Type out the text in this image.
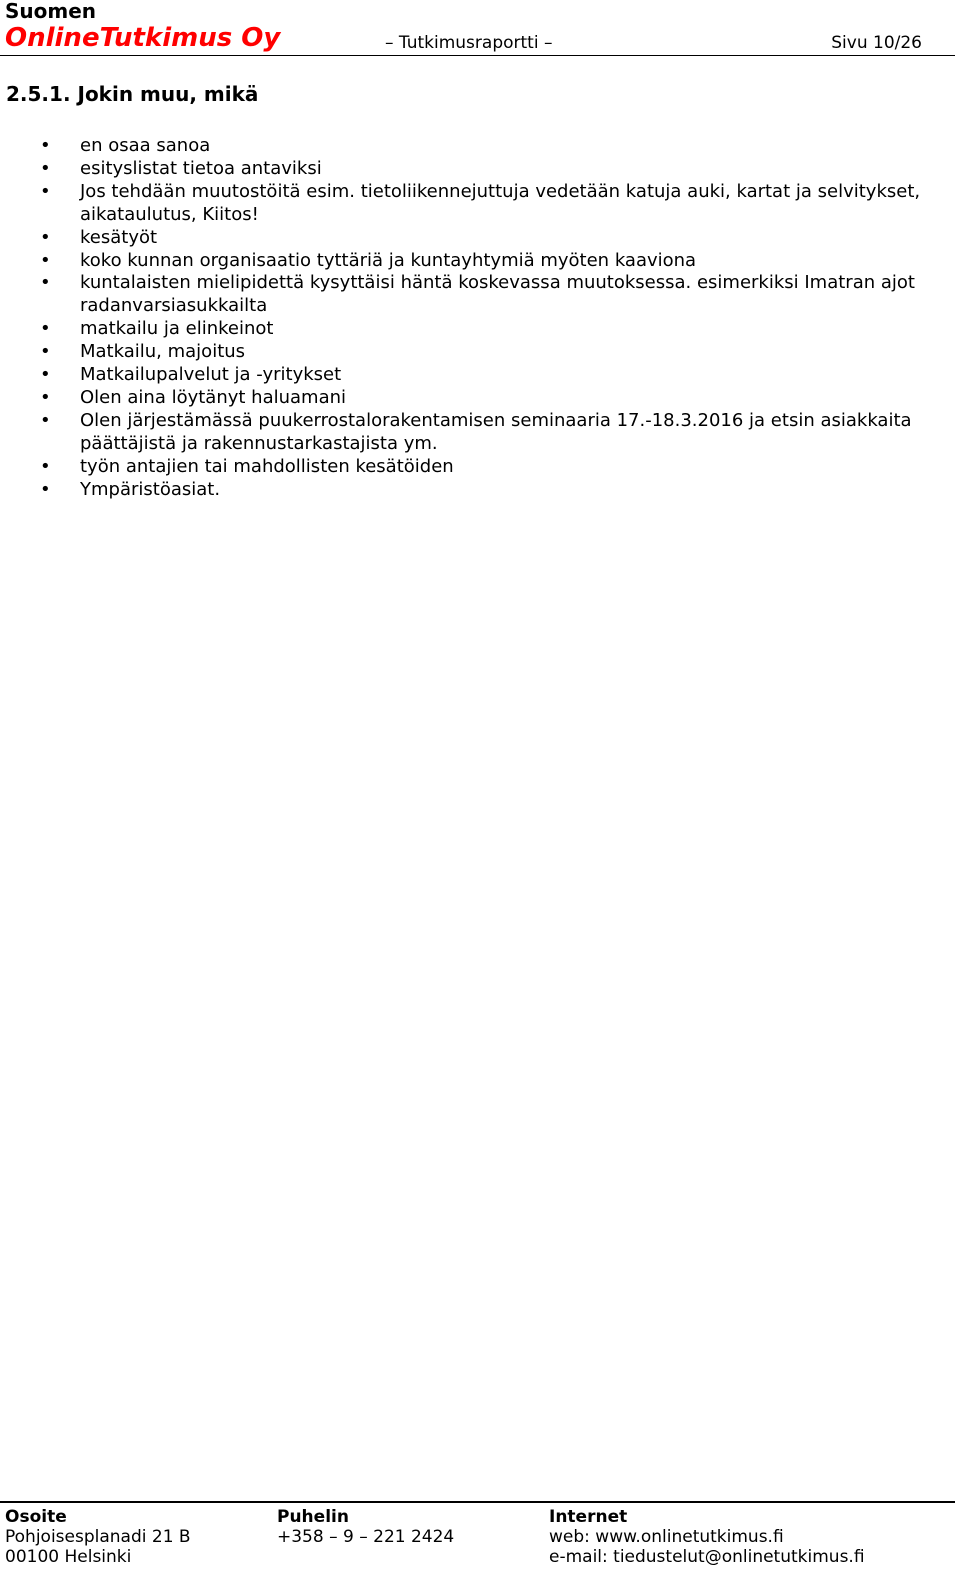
Suomen
OnlineTutkimus Oy	– Tutkimusraportti –	Sivu 10/26
2.5.1. Jokin muu, mikä
• en osaa sanoa
• esityslistat tietoa antaviksi
• Jos tehdään muutostöitä esim. tietoliikennejuttuja vedetään katuja auki, kartat ja selvitykset, aikataulutus, Kiitos!
• kesätyöt
• koko kunnan organisaatio tyttäriä ja kuntayhtymiä myöten kaaviona
• kuntalaisten mielipidettä kysyttäisi häntä koskevassa muutoksessa. esimerkiksi Imatran ajot radanvarsiasukkailta
• matkailu ja elinkeinot
• Matkailu, majoitus
• Matkailupalvelut ja -yritykset
• Olen aina löytänyt haluamani
• Olen järjestämässä puukerrostalorakentamisen seminaaria 17.-18.3.2016 ja etsin asiakkaita päättäjistä ja rakennustarkastajista ym.
• työn antajien tai mahdollisten kesätöiden
• Ympäristöasiat.
Osoite
Pohjoisesplanadi 21 B
00100 Helsinki
Puhelin
+358 – 9 – 221 2424
Internet
web: www.onlinetutkimus.fi
e-mail: tiedustelut@onlinetutkimus.fi
